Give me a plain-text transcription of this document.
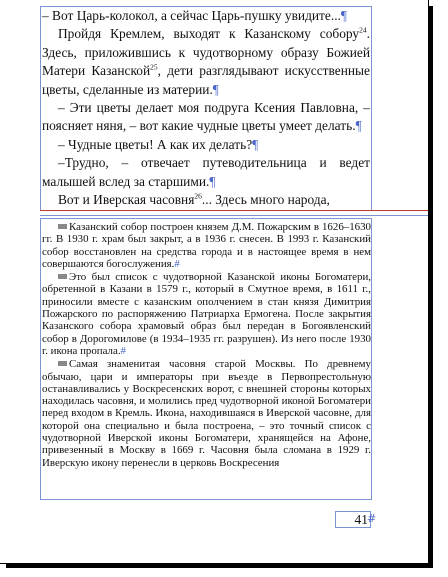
– Вот Царь-колокол, а сейчас Царь-пушку увидите...¶

Пройдя Кремлем, выходят к Казанскому собору$^{24}$. Здесь, приложившись к чудотворному образу Божией Матери Казанской$^{25}$, дети разглядывают искусственные цветы, сделанные из материи.¶

– Эти цветы делает моя подруга Ксения Павловна, – поясняет няня, – вот какие чудные цветы умеет делать.¶

– Чудные цветы! А как их делать?¶

–Трудно, – отвечает путеводительница и ведет малышей вслед за старшими.¶

Вот и Иверская часовня$^{26}$... Здесь много народа,

Казанский собор построен князем Д.М. Пожарским в 1626–1630 гг. В 1930 г. храм был закрыт, а в 1936 г. снесен. В 1993 г. Казанский собор восстановлен на средства города и в настоящее время в нем совершаются богослужения.#

Это был список с чудотворной Казанской иконы Богоматери, обретенной в Казани в 1579 г., который в Смутное время, в 1611 г., приносили вместе с казанским ополчением в стан князя Димитрия Пожарского по распоряжению Патриарха Ермогена. После закрытия Казанского собора храмовый образ был передан в Богоявленский собор в Дорогомилове (в 1934–1935 гг. разрушен). Из него после 1930 г. икона пропала.#

Самая знаменитая часовня старой Москвы. По древнему обычаю, цари и императоры при въезде в Первопрестольную останавливались у Воскресенских ворот, с внешней стороны которых находилась часовня, и молились пред чудотворной иконой Богоматери перед входом в Кремль. Икона, находившаяся в Иверской часовне, для которой она специально и была построена, – это точный список с чудотворной Иверской иконы Богоматери, хранящейся на Афоне, привезенный в Москву в 1669 г. Часовня была сломана в 1929 г. Иверскую икону перенесли в церковь Воскресения

41 #
